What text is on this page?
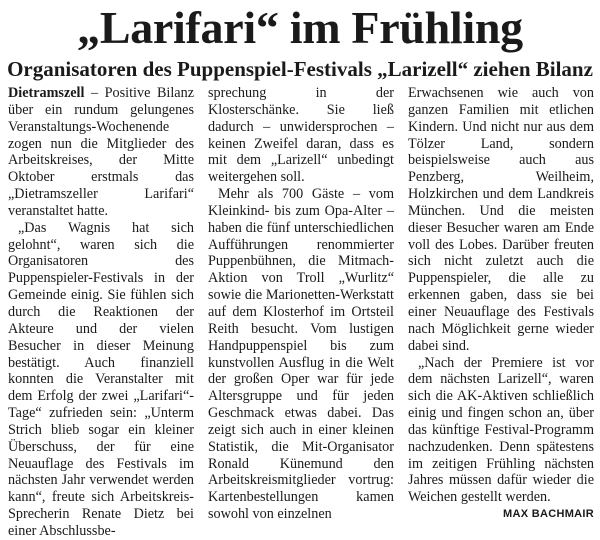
„Larifari“ im Frühling
Organisatoren des Puppenspiel-Festivals „Larizell“ ziehen Bilanz

Dietramszell – Positive Bilanz über ein rundum gelungenes Veranstaltungs-Wochenende zogen nun die Mitglieder des Arbeitskreises, der Mitte Oktober erstmals das „Dietramszeller Larifari“ veranstaltet hatte.

„Das Wagnis hat sich gelohnt“, waren sich die Organisatoren des Puppenspieler-Festivals in der Gemeinde einig. Sie fühlen sich durch die Reaktionen der Akteure und der vielen Besucher in dieser Meinung bestätigt. Auch finanziell konnten die Veranstalter mit dem Erfolg der zwei „Larifari“-Tage“ zufrieden sein: „Unterm Strich blieb sogar ein kleiner Überschuss, der für eine Neuauflage des Festivals im nächsten Jahr verwendet werden kann“, freute sich Arbeitskreis-Sprecherin Renate Dietz bei einer Abschlussbe-

sprechung in der Klosterschänke. Sie ließ dadurch – unwidersprochen – keinen Zweifel daran, dass es mit dem „Larizell“ unbedingt weitergehen soll.

Mehr als 700 Gäste – vom Kleinkind- bis zum Opa-Alter – haben die fünf unterschiedlichen Aufführungen renommierter Puppenbühnen, die Mitmach-Aktion von Troll „Wurlitz“ sowie die Marionetten-Werkstatt auf dem Klosterhof im Ortsteil Reith besucht. Vom lustigen Handpuppenspiel bis zum kunstvollen Ausflug in die Welt der großen Oper war für jede Altersgruppe und für jeden Geschmack etwas dabei. Das zeigt sich auch in einer kleinen Statistik, die Mit-Organisator Ronald Künemund den Arbeitskreismitglieder vortrug: Kartenbestellungen kamen sowohl von einzelnen

Erwachsenen wie auch von ganzen Familien mit etlichen Kindern. Und nicht nur aus dem Tölzer Land, sondern beispielsweise auch aus Penzberg, Weilheim, Holzkirchen und dem Landkreis München. Und die meisten dieser Besucher waren am Ende voll des Lobes. Darüber freuten sich nicht zuletzt auch die Puppenspieler, die alle zu erkennen gaben, dass sie bei einer Neuauflage des Festivals nach Möglichkeit gerne wieder dabei sind.

„Nach der Premiere ist vor dem nächsten Larizell“, waren sich die AK-Aktiven schließlich einig und fingen schon an, über das künftige Festival-Programm nachzudenken. Denn spätestens im zeitigen Frühling nächsten Jahres müssen dafür wieder die Weichen gestellt werden.

MAX BACHMAIR
